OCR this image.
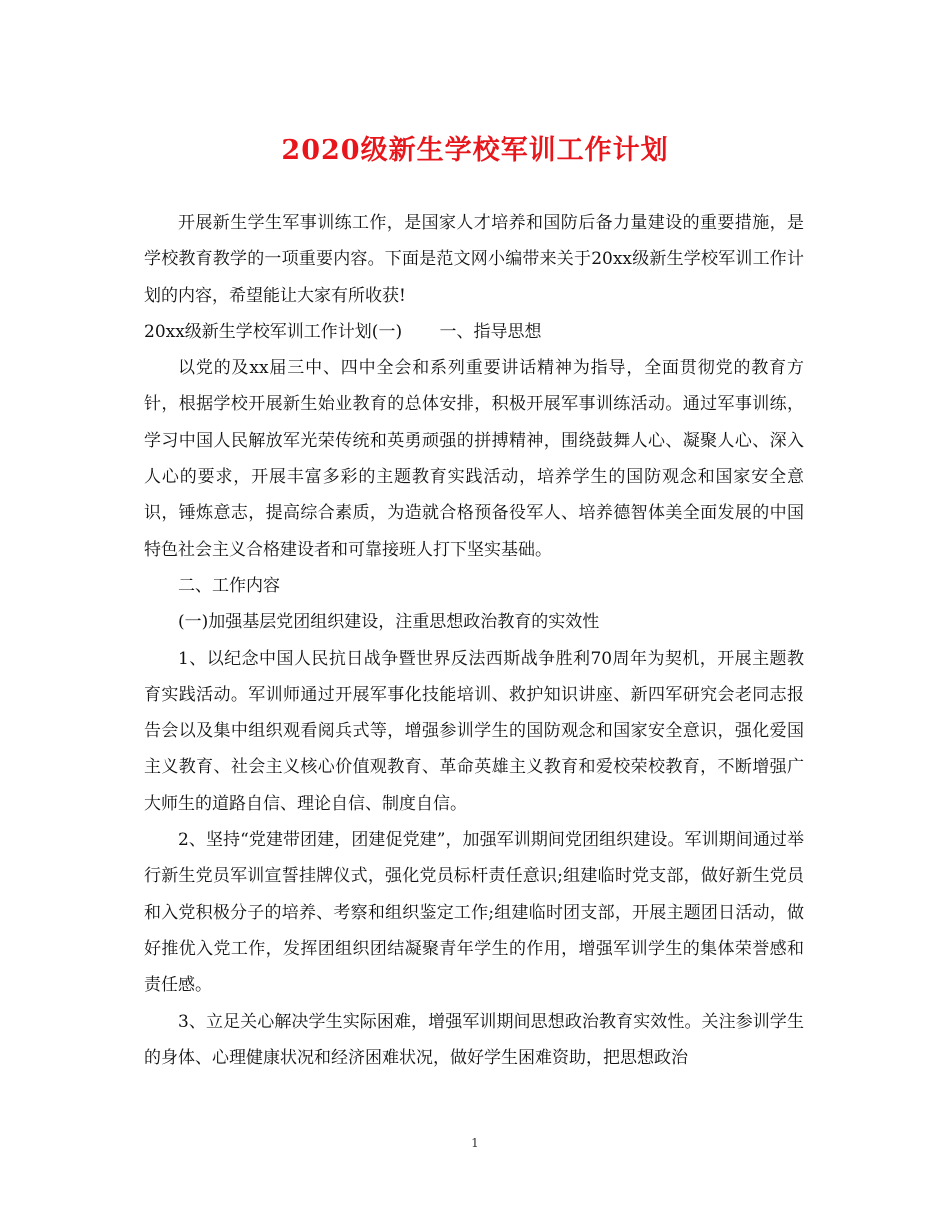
2020级新生学校军训工作计划

开展新生学生军事训练工作，是国家人才培养和国防后备力量建设的重要措施，是学校教育教学的一项重要内容。下面是范文网小编带来关于20xx级新生学校军训工作计划的内容，希望能让大家有所收获!

20xx级新生学校军训工作计划(一) 一、指导思想

以党的及xx届三中、四中全会和系列重要讲话精神为指导，全面贯彻党的教育方针，根据学校开展新生始业教育的总体安排，积极开展军事训练活动。通过军事训练，学习中国人民解放军光荣传统和英勇顽强的拼搏精神，围绕鼓舞人心、凝聚人心、深入人心的要求，开展丰富多彩的主题教育实践活动，培养学生的国防观念和国家安全意识，锤炼意志，提高综合素质，为造就合格预备役军人、培养德智体美全面发展的中国特色社会主义合格建设者和可靠接班人打下坚实基础。

二、工作内容

(一)加强基层党团组织建设，注重思想政治教育的实效性

1、以纪念中国人民抗日战争暨世界反法西斯战争胜利70周年为契机，开展主题教育实践活动。军训师通过开展军事化技能培训、救护知识讲座、新四军研究会老同志报告会以及集中组织观看阅兵式等，增强参训学生的国防观念和国家安全意识，强化爱国主义教育、社会主义核心价值观教育、革命英雄主义教育和爱校荣校教育，不断增强广大师生的道路自信、理论自信、制度自信。

2、坚持“党建带团建，团建促党建”，加强军训期间党团组织建设。军训期间通过举行新生党员军训宣誓挂牌仪式，强化党员标杆责任意识;组建临时党支部，做好新生党员和入党积极分子的培养、考察和组织鉴定工作;组建临时团支部，开展主题团日活动，做好推优入党工作，发挥团组织团结凝聚青年学生的作用，增强军训学生的集体荣誉感和责任感。

3、立足关心解决学生实际困难，增强军训期间思想政治教育实效性。关注参训学生的身体、心理健康状况和经济困难状况，做好学生困难资助，把思想政治

1
